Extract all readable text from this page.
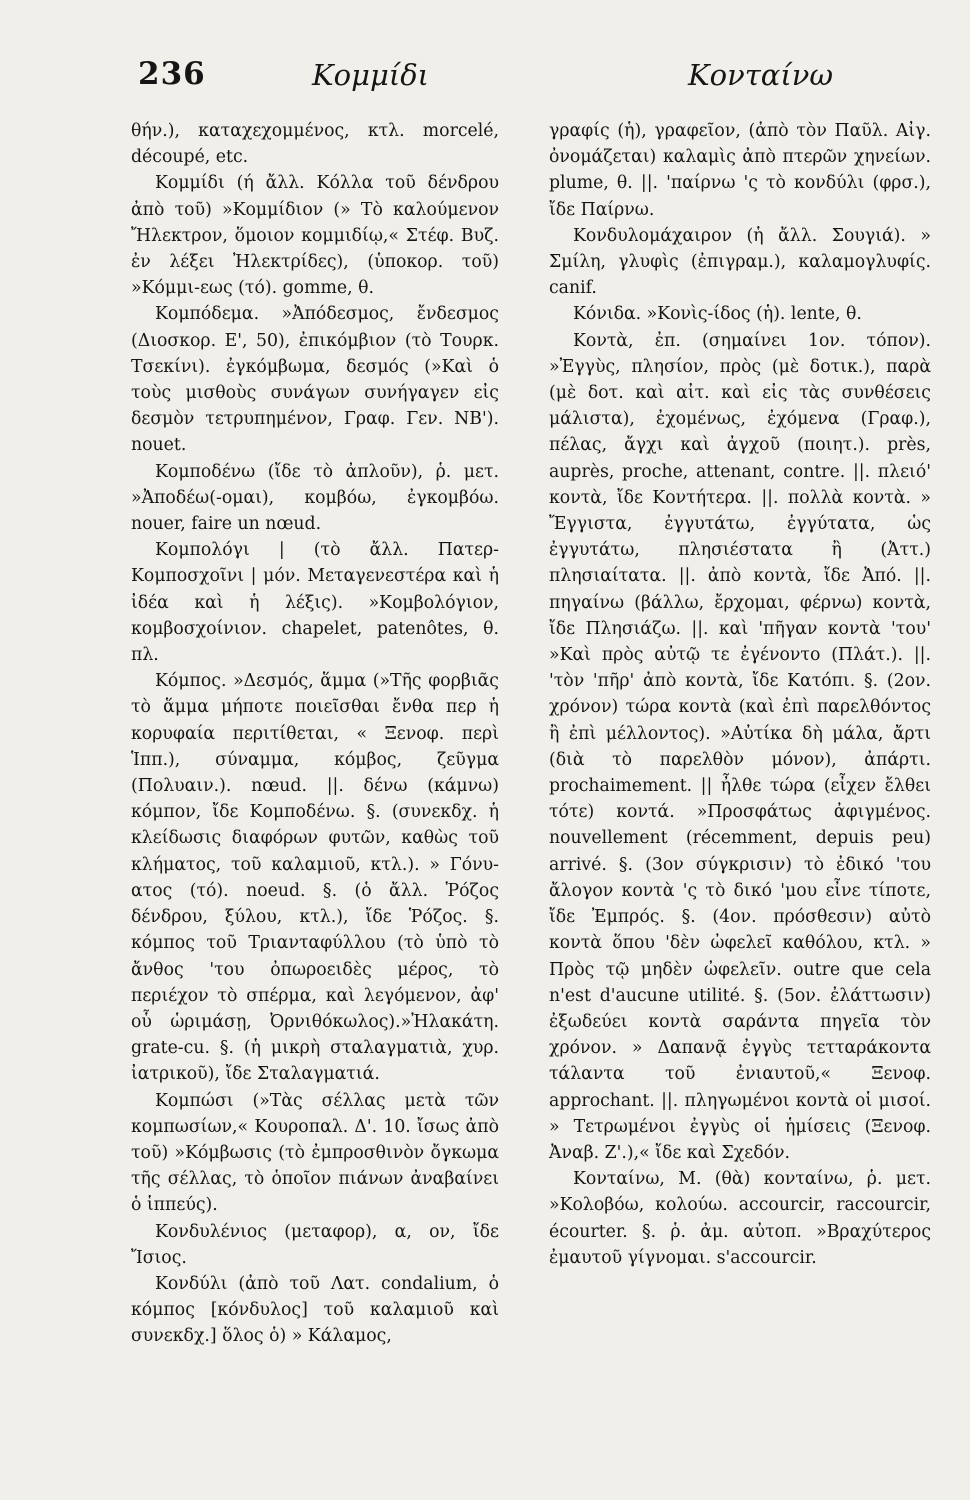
236	Κομμίδι	Κονταίνω

θήν.), καταχεχομμένος, κτλ. morcelé, découpé, etc.

Κομμίδι (ή ἄλλ. Κόλλα τοῦ δένδρου ἀπὸ τοῦ) »Κομμίδιον (» Τὸ καλούμενον Ἤλεκτρον, ὅμοιον κομμιδίῳ,« Στέφ. Βυζ. ἐν λέξει Ἠλεκτρίδες), (ὑποκορ. τοῦ) »Κόμμι-εως (τό). gomme, θ.

Κομπόδεμα. »Ἀπόδεσμος, ἔνδεσμος (Διοσκορ. Ε', 50), ἐπικόμβιον (τὸ Τουρκ. Τσεκίνι). ἐγκόμβωμα, δεσμός (»Καὶ ὁ τοὺς μισθοὺς συνάγων συνήγαγεν εἰς δεσμὸν τετρυπημένον, Γραφ. Γεν. ΝΒ'). nouet.

Κομποδένω (ἴδε τὸ ἀπλοῦν), ῥ. μετ. »Ἀποδέω(-ομαι), κομβόω, ἐγκομβόω. nouer, faire un nœud.

Κομπολόγι | (τὸ ἄλλ. Πατερ-Κομποσχοῖνι | μόν. Μεταγενεστέρα καὶ ἡ ἰδέα καὶ ἡ λέξις). »Κομβολόγιον, κομβοσχοίνιον. chapelet, patenôtes, θ. πλ.

Κόμπος. »Δεσμός, ἅμμα (»Τῆς φορβιᾶς τὸ ἅμμα μήποτε ποιεῖσθαι ἔνθα περ ἡ κορυφαία περιτίθεται, « Ξενοφ. περὶ Ἱππ.), σύναμμα, κόμβος, ζεῦγμα (Πολυαιν.). nœud. ||. δένω (κάμνω) κόμπον, ἴδε Κομποδένω. §. (συνεκδχ. ἡ κλείδωσις διαφόρων φυτῶν, καθὼς τοῦ κλήματος, τοῦ καλαμιοῦ, κτλ.). » Γόνυ-ατος (τό). noeud. §. (ὁ ἄλλ. Ῥόζος δένδρου, ξύλου, κτλ.), ἴδε Ῥόζος. §. κόμπος τοῦ Τριανταφύλλου (τὸ ὑπὸ τὸ ἄνθος 'του ὀπωροειδὲς μέρος, τὸ περιέχον τὸ σπέρμα, καὶ λεγόμενον, ἀφ' οὗ ὡριμάσῃ, Ὀρνιθόκωλος).»Ἠλακάτη. grate-cu. §. (ἡ μικρὴ σταλαγματιὰ, χυρ. ἰατρικοῦ), ἴδε Σταλαγματιά.

Κομπώσι (»Τὰς σέλλας μετὰ τῶν κομπωσίων,« Κουροπαλ. Δ'. 10. ἴσως ἀπὸ τοῦ) »Κόμβωσις (τὸ ἐμπροσθινὸν ὄγκωμα τῆς σέλλας, τὸ ὁποῖον πιάνων ἀναβαίνει ὁ ἱππεύς).

Κονδυλένιος (μεταφορ), α, ον, ἴδε Ἴσιος.

Κονδύλι (ἀπὸ τοῦ Λατ. condalium, ὁ κόμπος [κόνδυλος] τοῦ καλαμιοῦ καὶ συνεκδχ.] ὅλος ὁ) » Κάλαμος,

γραφίς (ἡ), γραφεῖον, (ἀπὸ τὸν Παῦλ. Αἰγ. ὀνομάζεται) καλαμὶς ἀπὸ πτερῶν χηνείων. plume, θ. ||. 'παίρνω 'ς τὸ κονδύλι (φρσ.), ἴδε Παίρνω.

Κονδυλομάχαιρον (ἡ ἄλλ. Σουγιά). » Σμίλη, γλυφὶς (ἐπιγραμ.), καλαμογλυφίς. canif.

Κόνιδα. »Κονὶς-ίδος (ἡ). lente, θ.

Κοντὰ, ἐπ. (σημαίνει 1ον. τόπον). »Ἐγγὺς, πλησίον, πρὸς (μὲ δοτικ.), παρὰ (μὲ δοτ. καὶ αἰτ. καὶ εἰς τὰς συνθέσεις μάλιστα), ἐχομένως, ἐχόμενα (Γραφ.), πέλας, ἄγχι καὶ ἀγχοῦ (ποιητ.). près, auprès, proche, attenant, contre. ||. πλειό' κοντὰ, ἴδε Κοντήτερα. ||. πολλὰ κοντὰ. » Ἔγγιστα, ἐγγυτάτω, ἐγγύτατα, ὡς ἐγγυτάτω, πλησιέστατα ἢ (Ἀττ.) πλησιαίτατα. ||. ἀπὸ κοντὰ, ἴδε Ἀπό. ||. πηγαίνω (βάλλω, ἔρχομαι, φέρνω) κοντὰ, ἴδε Πλησιάζω. ||. καὶ 'πῆγαν κοντὰ 'του' »Καὶ πρὸς αὐτῷ τε ἐγένοντο (Πλάτ.). ||. 'τὸν 'πῆρ' ἀπὸ κοντὰ, ἴδε Κατόπι. §. (2ον. χρόνον) τώρα κοντὰ (καὶ ἐπὶ παρελθόντος ἢ ἐπὶ μέλλοντος). »Αὐτίκα δὴ μάλα, ἄρτι (διὰ τὸ παρελθὸν μόνον), ἀπάρτι. prochaimement. || ἦλθε τώρα (εἶχεν ἔλθει τότε) κοντά. »Προσφάτως ἀφιγμένος. nouvellement (récemment, depuis peu) arrivé. §. (3ον σύγκρισιν) τὸ ἐδικό 'του ἄλογον κοντὰ 'ς τὸ δικό 'μου εἶνε τίποτε, ἴδε Ἐμπρός. §. (4ον. πρόσθεσιν) αὐτὸ κοντὰ ὅπου 'δὲν ὠφελεῖ καθόλου, κτλ. » Πρὸς τῷ μηδὲν ὠφελεῖν. outre que cela n'est d'aucune utilité. §. (5ον. ἐλάττωσιν) ἐξωδεύει κοντὰ σαράντα πηγεῖα τὸν χρόνον. » Δαπανᾷ ἐγγὺς τετταράκοντα τάλαντα τοῦ ἐνιαυτοῦ,« Ξενοφ. approchant. ||. πληγωμένοι κοντὰ οἱ μισοί. » Τετρωμένοι ἐγγὺς οἱ ἡμίσεις (Ξενοφ. Ἀναβ. Ζ'.),« ἴδε καὶ Σχεδόν.

Κονταίνω, Μ. (θὰ) κονταίνω, ῥ. μετ. »Κολοβόω, κολούω. accourcir, raccourcir, écourter. §. ῥ. ἀμ. αὐτοπ. »Βραχύτερος ἐμαυτοῦ γίγνομαι. s'accourcir.
